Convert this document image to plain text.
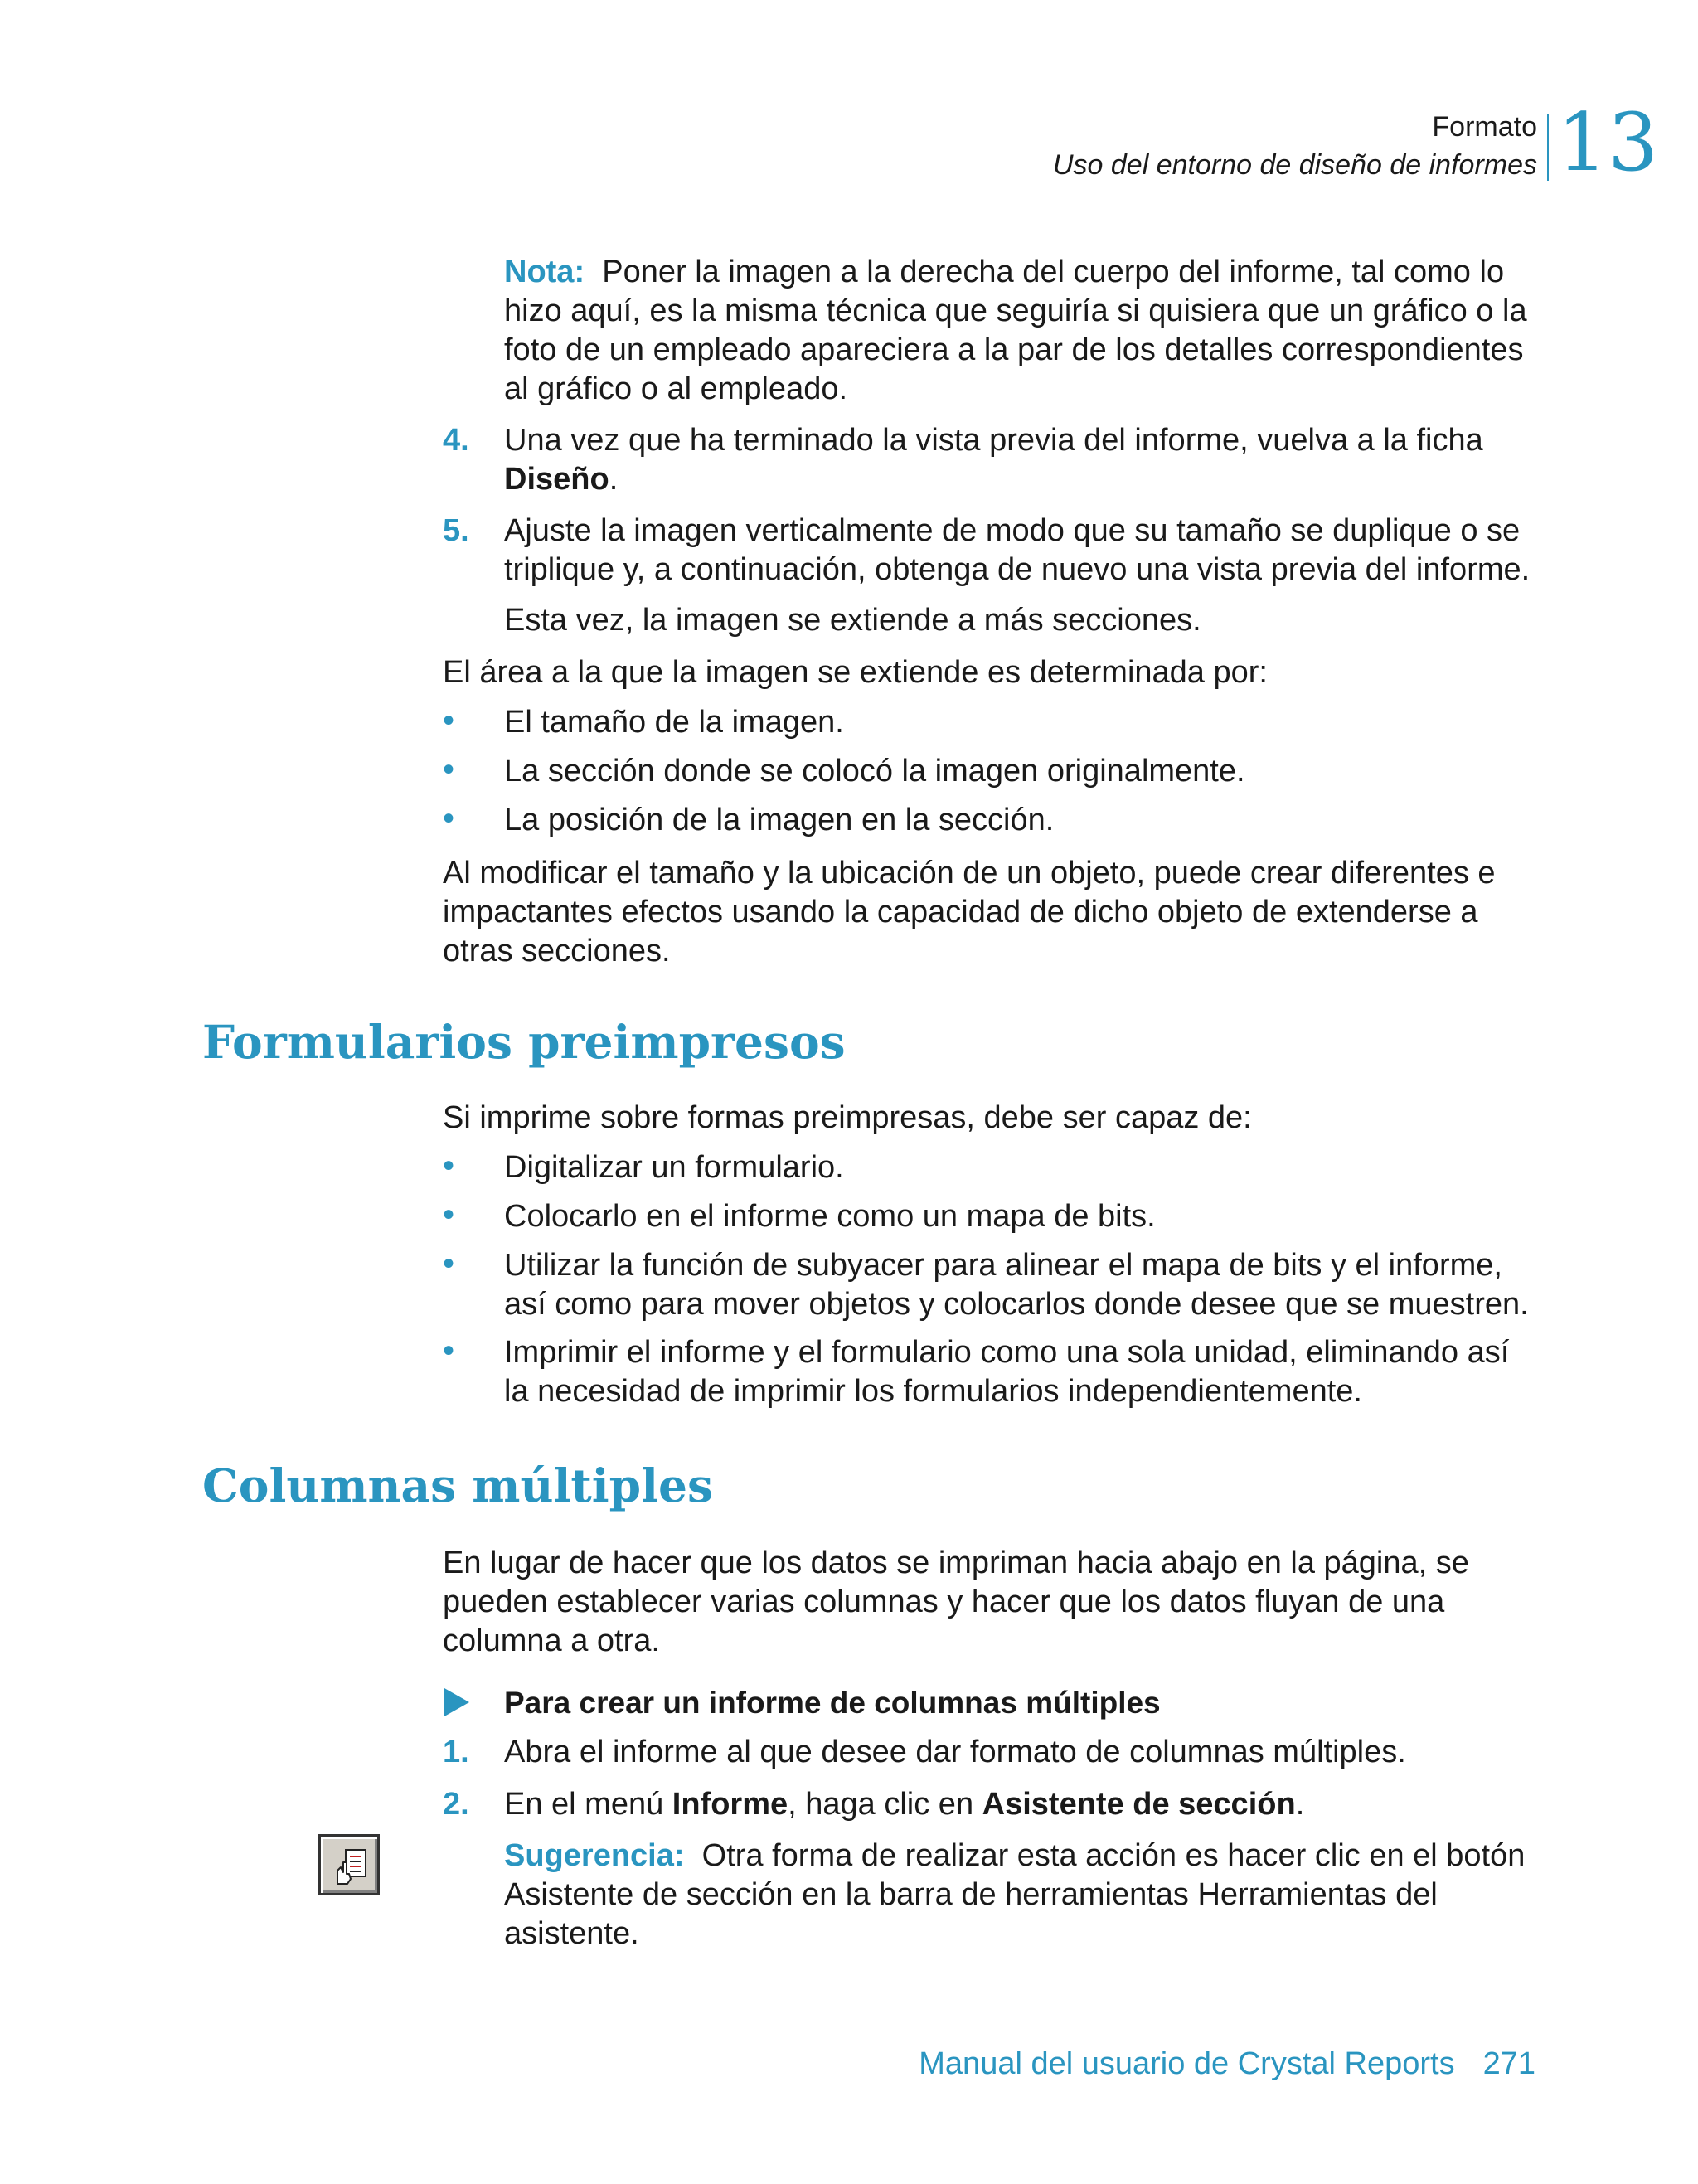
Formato
Uso del entorno de diseño de informes 13
Nota: Poner la imagen a la derecha del cuerpo del informe, tal como lo
hizo aquí, es la misma técnica que seguiría si quisiera que un gráfico o la
foto de un empleado apareciera a la par de los detalles correspondientes
al gráfico o al empleado.
4. Una vez que ha terminado la vista previa del informe, vuelva a la ficha
Diseño.
5. Ajuste la imagen verticalmente de modo que su tamaño se duplique o se
triplique y, a continuación, obtenga de nuevo una vista previa del informe.
Esta vez, la imagen se extiende a más secciones.
El área a la que la imagen se extiende es determinada por:
• El tamaño de la imagen.
• La sección donde se colocó la imagen originalmente.
• La posición de la imagen en la sección.
Al modificar el tamaño y la ubicación de un objeto, puede crear diferentes e
impactantes efectos usando la capacidad de dicho objeto de extenderse a
otras secciones.
Formularios preimpresos
Si imprime sobre formas preimpresas, debe ser capaz de:
• Digitalizar un formulario.
• Colocarlo en el informe como un mapa de bits.
• Utilizar la función de subyacer para alinear el mapa de bits y el informe,
así como para mover objetos y colocarlos donde desee que se muestren.
• Imprimir el informe y el formulario como una sola unidad, eliminando así
la necesidad de imprimir los formularios independientemente.
Columnas múltiples
En lugar de hacer que los datos se impriman hacia abajo en la página, se
pueden establecer varias columnas y hacer que los datos fluyan de una
columna a otra.
Para crear un informe de columnas múltiples
1. Abra el informe al que desee dar formato de columnas múltiples.
2. En el menú Informe, haga clic en Asistente de sección.
Sugerencia: Otra forma de realizar esta acción es hacer clic en el botón
Asistente de sección en la barra de herramientas Herramientas del
asistente.
Manual del usuario de Crystal Reports 271
